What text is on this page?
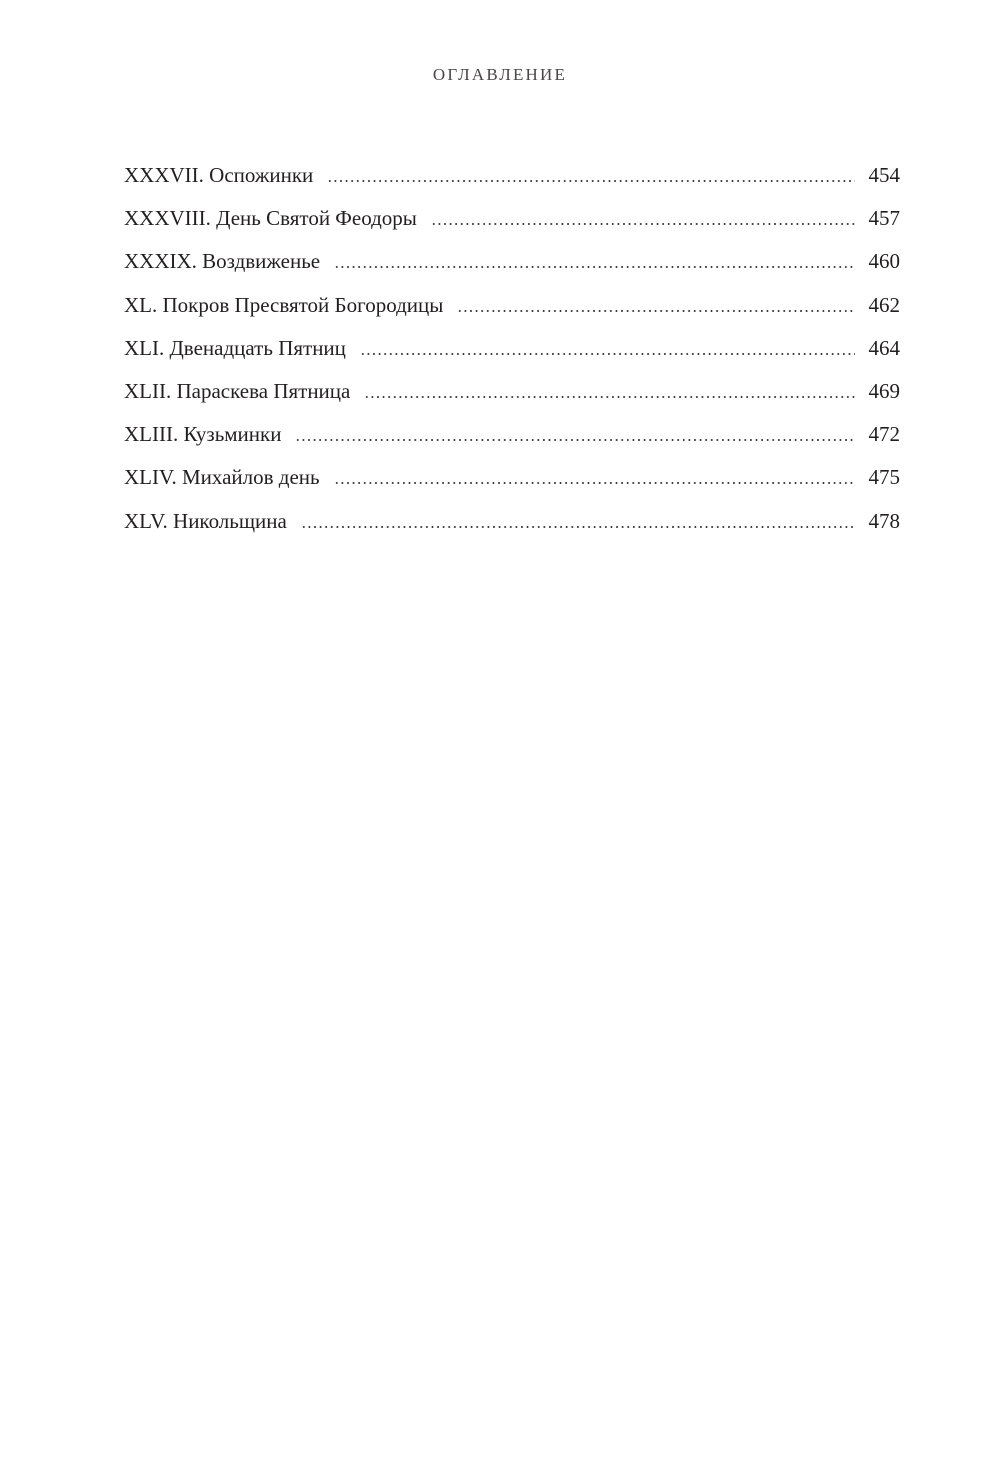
ОГЛАВЛЕНИЕ
XXXVII. Оспожинки	454
XXXVIII. День Святой Феодоры	457
XXXIX. Воздвиженье	460
XL. Покров Пресвятой Богородицы	462
XLI. Двенадцать Пятниц	464
XLII. Параскева Пятница	469
XLIII. Кузьминки	472
XLIV. Михайлов день	475
XLV. Никольщина	478
